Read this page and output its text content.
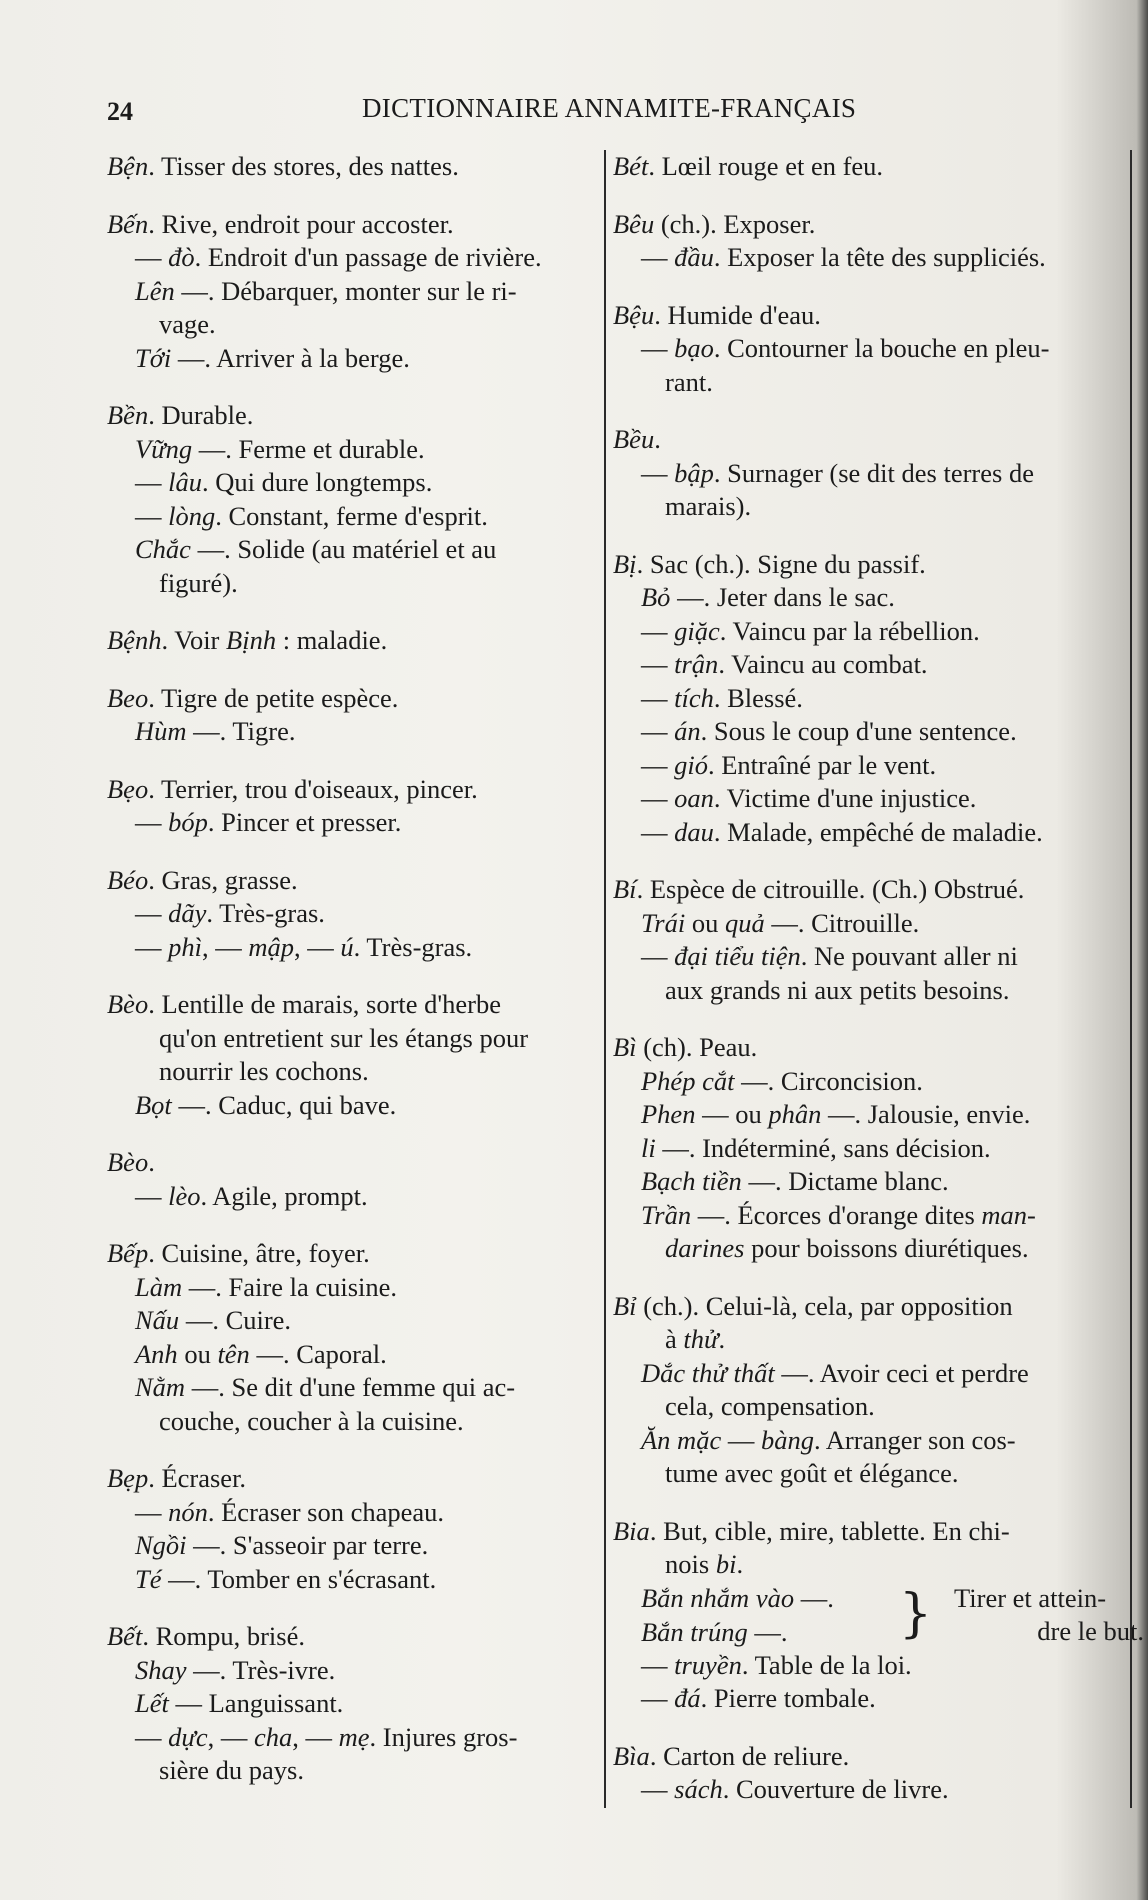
24	DICTIONNAIRE ANNAMITE-FRANÇAIS
Bện. Tisser des stores, des nattes.
Bến. Rive, endroit pour accoster.
— đò. Endroit d'un passage de rivière.
Lên —. Débarquer, monter sur le ri-
vage.
Tới —. Arriver à la berge.
Bền. Durable.
Vững —. Ferme et durable.
— lâu. Qui dure longtemps.
— lòng. Constant, ferme d'esprit.
Chắc —. Solide (au matériel et au
figuré).
Bệnh. Voir Bịnh : maladie.
Beo. Tigre de petite espèce.
Hùm —. Tigre.
Bẹo. Terrier, trou d'oiseaux, pincer.
— bóp. Pincer et presser.
Béo. Gras, grasse.
— dãy. Très-gras.
— phì, — mập, — ú. Très-gras.
Bèo. Lentille de marais, sorte d'herbe
qu'on entretient sur les étangs pour
nourrir les cochons.
Bọt —. Caduc, qui bave.
Bèo.
— lèo. Agile, prompt.
Bếp. Cuisine, âtre, foyer.
Làm —. Faire la cuisine.
Nấu —. Cuire.
Anh ou tên —. Caporal.
Nằm —. Se dit d'une femme qui ac-
couche, coucher à la cuisine.
Bẹp. Écraser.
— nón. Écraser son chapeau.
Ngồi —. S'asseoir par terre.
Té —. Tomber en s'écrasant.
Bết. Rompu, brisé.
Shay —. Très-ivre.
Lết — Languissant.
— dực, — cha, — mẹ. Injures gros-
sière du pays.
Bét. Lœil rouge et en feu.
Bêu (ch.). Exposer.
— đầu. Exposer la tête des suppliciés.
Bệu. Humide d'eau.
— bạo. Contourner la bouche en pleu-
rant.
Bều.
— bập. Surnager (se dit des terres de
marais).
Bị. Sac (ch.). Signe du passif.
Bỏ —. Jeter dans le sac.
— giặc. Vaincu par la rébellion.
— trận. Vaincu au combat.
— tích. Blessé.
— án. Sous le coup d'une sentence.
— gió. Entraîné par le vent.
— oan. Victime d'une injustice.
— dau. Malade, empêché de maladie.
Bí. Espèce de citrouille. (Ch.) Obstrué.
Trái ou quả —. Citrouille.
— đại tiểu tiện. Ne pouvant aller ni
aux grands ni aux petits besoins.
Bì (ch). Peau.
Phép cắt —. Circoncision.
Phen — ou phân —. Jalousie, envie.
li —. Indéterminé, sans décision.
Bạch tiền —. Dictame blanc.
Trần —. Écorces d'orange dites man-
darines pour boissons diurétiques.
Bỉ (ch.). Celui-là, cela, par opposition
à thử.
Dắc thử thất —. Avoir ceci et perdre
cela, compensation.
Ăn mặc — bàng. Arranger son cos-
tume avec goût et élégance.
Bia. But, cible, mire, tablette. En chi-
nois bi.
Bắn nhắm vào —.
Bắn trúng —. } Tirer et attein-
dre le but.
— truyền. Table de la loi.
— đá. Pierre tombale.
Bìa. Carton de reliure.
— sách. Couverture de livre.
